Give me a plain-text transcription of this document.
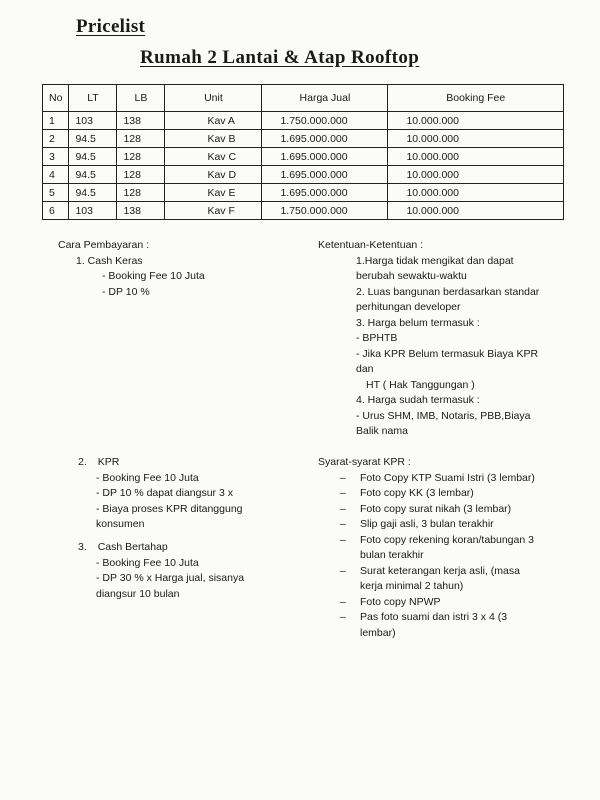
Pricelist
Rumah 2 Lantai & Atap Rooftop
No	LT	LB	Unit	Harga Jual	Booking Fee
1	103	138	Kav A	1.750.000.000	10.000.000
2	94.5	128	Kav B	1.695.000.000	10.000.000
3	94.5	128	Kav C	1.695.000.000	10.000.000
4	94.5	128	Kav D	1.695.000.000	10.000.000
5	94.5	128	Kav E	1.695.000.000	10.000.000
6	103	138	Kav F	1.750.000.000	10.000.000
Cara Pembayaran :
1. Cash Keras
- Booking Fee 10 Juta
- DP 10 %
2. KPR
- Booking Fee 10 Juta
- DP 10 % dapat diangsur 3 x
- Biaya proses KPR ditanggung
konsumen
3. Cash Bertahap
- Booking Fee 10 Juta
- DP 30 % x Harga jual, sisanya
diangsur 10 bulan
Ketentuan-Ketentuan :
1.Harga tidak mengikat dan dapat
berubah sewaktu-waktu
2. Luas bangunan berdasarkan standar
perhitungan developer
3. Harga belum termasuk :
- BPHTB
- Jika KPR Belum termasuk Biaya KPR
dan
HT ( Hak Tanggungan )
4. Harga sudah termasuk :
- Urus SHM, IMB, Notaris, PBB,Biaya
Balik nama
Syarat-syarat KPR :
– Foto Copy KTP Suami Istri (3 lembar)
– Foto copy KK (3 lembar)
– Foto copy surat nikah (3 lembar)
– Slip gaji asli, 3 bulan terakhir
– Foto copy rekening koran/tabungan 3
bulan terakhir
– Surat keterangan kerja asli, (masa
kerja minimal 2 tahun)
– Foto copy NPWP
– Pas foto suami dan istri 3 x 4 (3
lembar)
